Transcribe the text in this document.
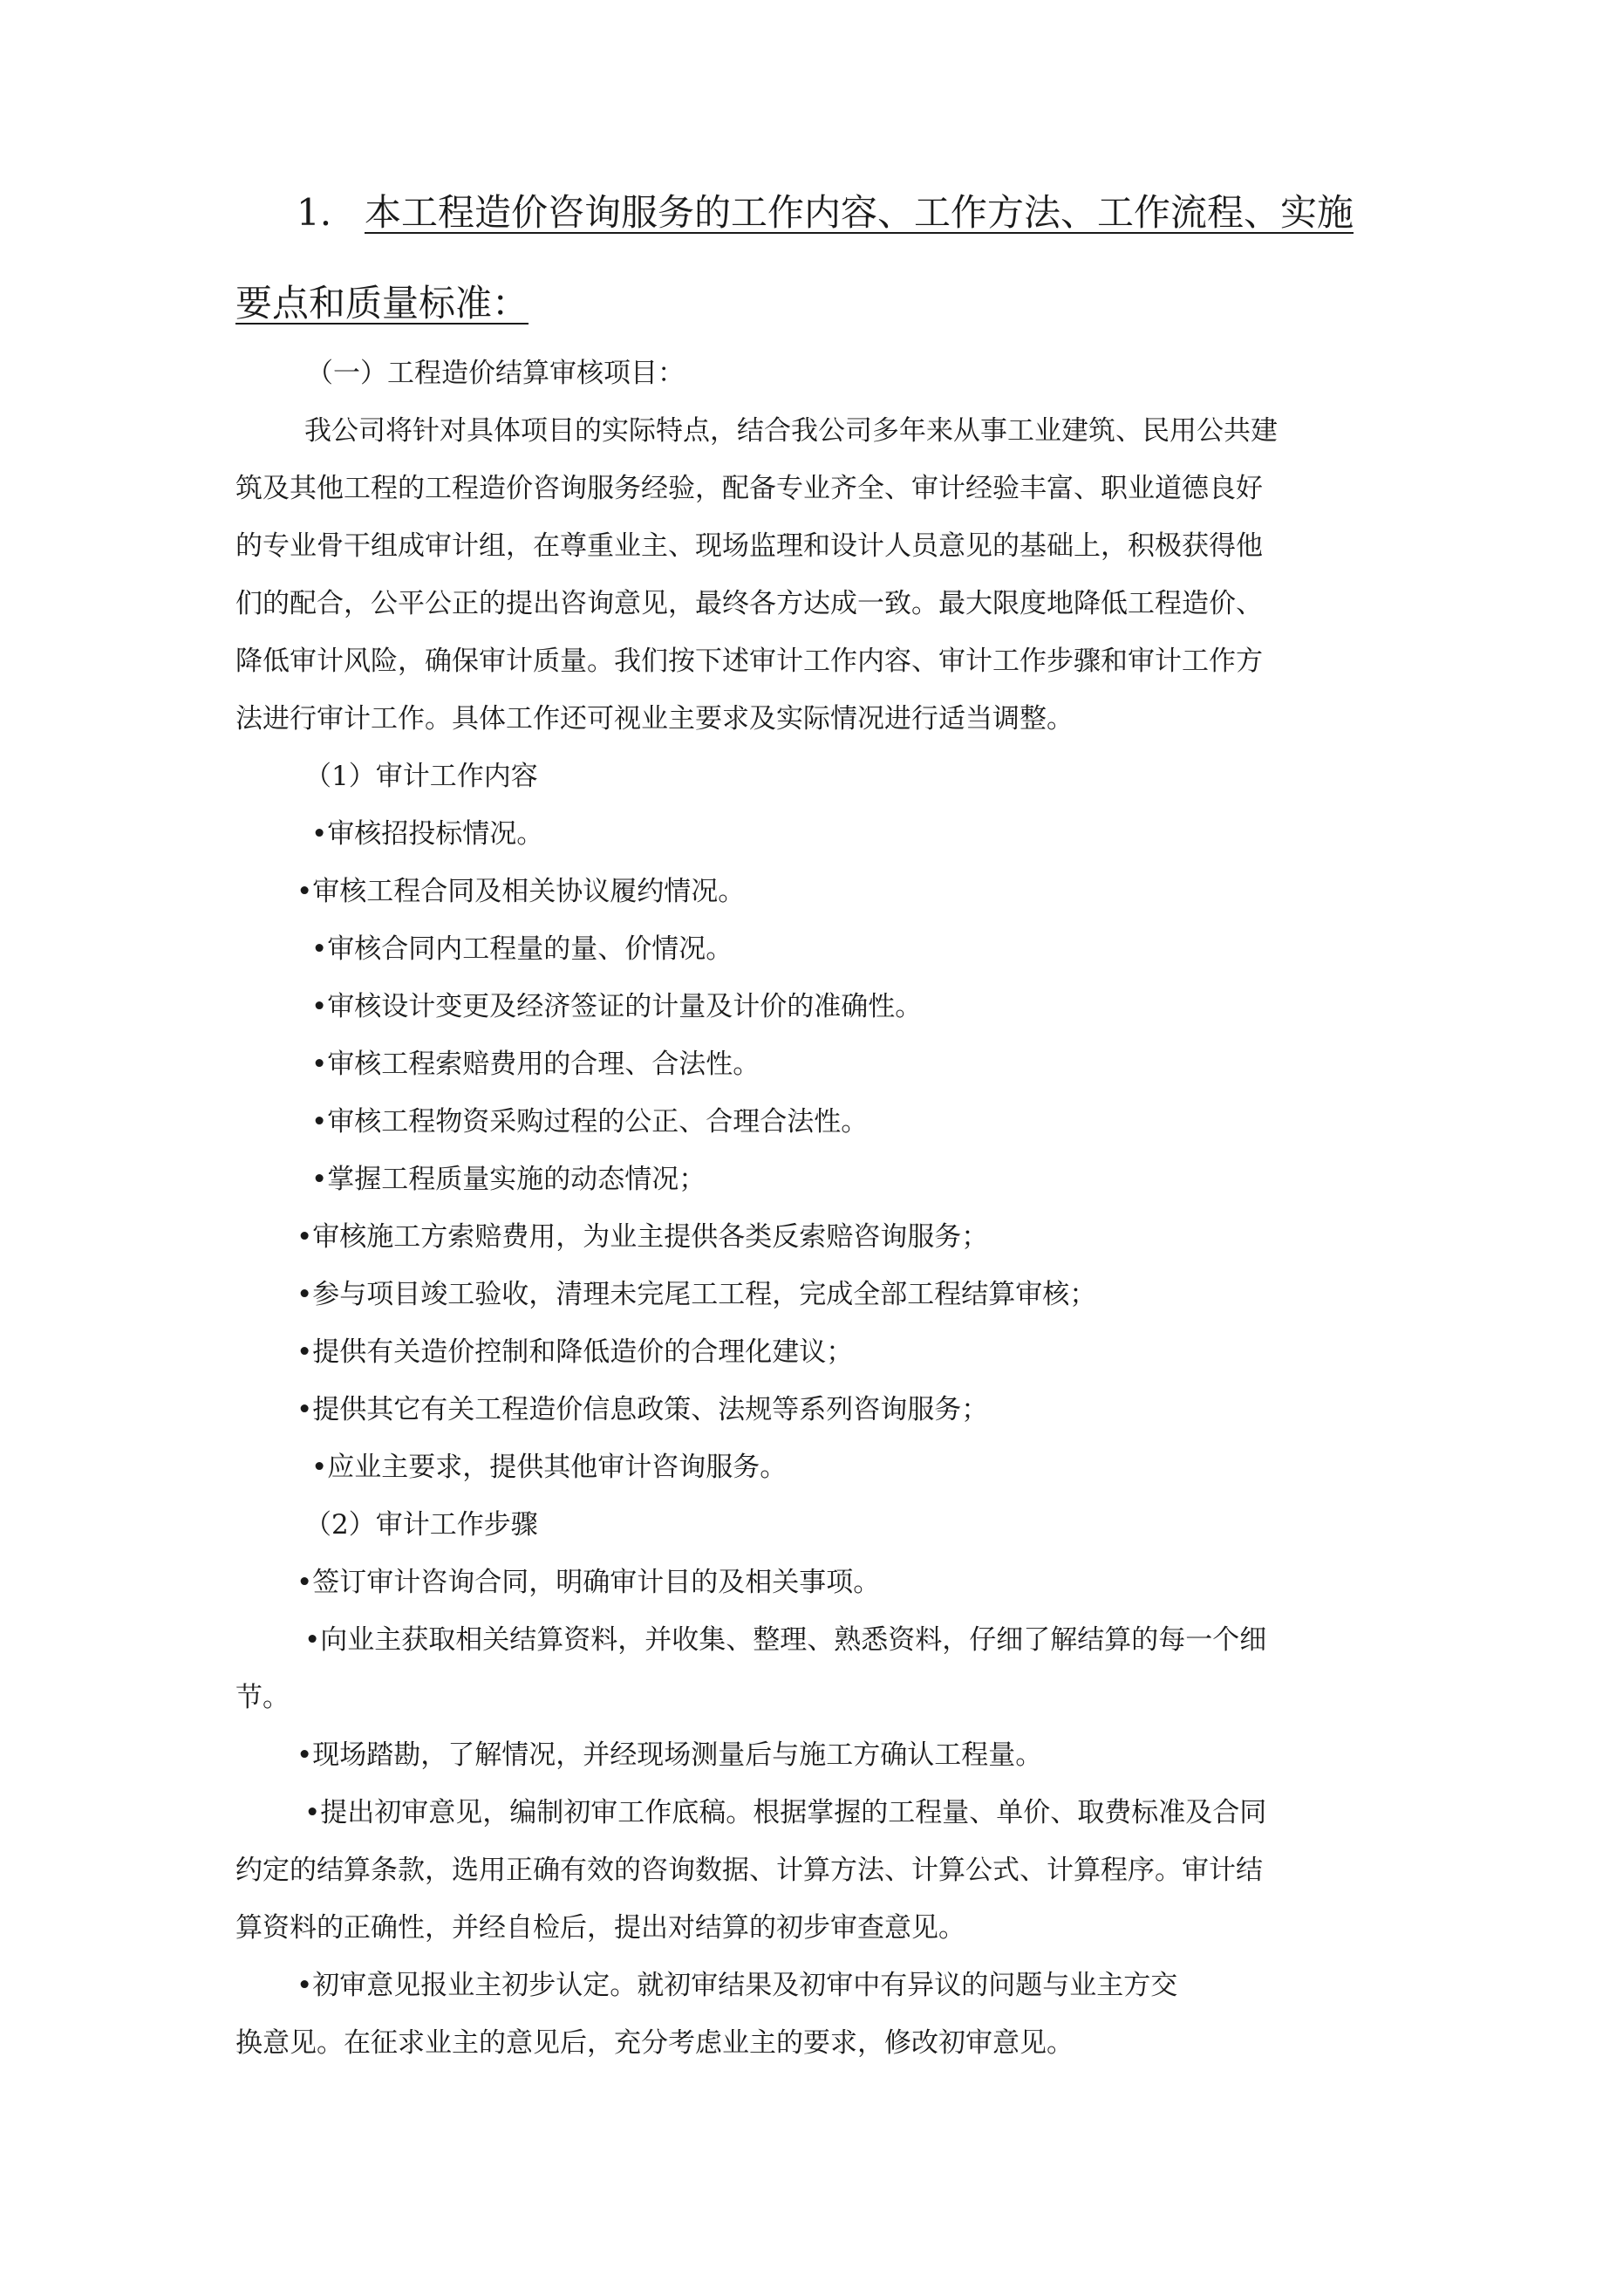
1. 本工程造价咨询服务的工作内容、工作方法、工作流程、实施
要点和质量标准：
（一）工程造价结算审核项目：
我公司将针对具体项目的实际特点，结合我公司多年来从事工业建筑、民用公共建
筑及其他工程的工程造价咨询服务经验，配备专业齐全、审计经验丰富、职业道德良好
的专业骨干组成审计组，在尊重业主、现场监理和设计人员意见的基础上，积极获得他
们的配合，公平公正的提出咨询意见，最终各方达成一致。最大限度地降低工程造价、
降低审计风险，确保审计质量。我们按下述审计工作内容、审计工作步骤和审计工作方
法进行审计工作。具体工作还可视业主要求及实际情况进行适当调整。
（1）审计工作内容
•审核招投标情况。
•审核工程合同及相关协议履约情况。
•审核合同内工程量的量、价情况。
•审核设计变更及经济签证的计量及计价的准确性。
•审核工程索赔费用的合理、合法性。
•审核工程物资采购过程的公正、合理合法性。
•掌握工程质量实施的动态情况；
•审核施工方索赔费用，为业主提供各类反索赔咨询服务；
•参与项目竣工验收，清理未完尾工工程，完成全部工程结算审核；
•提供有关造价控制和降低造价的合理化建议；
•提供其它有关工程造价信息政策、法规等系列咨询服务；
•应业主要求，提供其他审计咨询服务。
（2）审计工作步骤
•签订审计咨询合同，明确审计目的及相关事项。
•向业主获取相关结算资料，并收集、整理、熟悉资料，仔细了解结算的每一个细
节。
•现场踏勘，了解情况，并经现场测量后与施工方确认工程量。
•提出初审意见，编制初审工作底稿。根据掌握的工程量、单价、取费标准及合同
约定的结算条款，选用正确有效的咨询数据、计算方法、计算公式、计算程序。审计结
算资料的正确性，并经自检后，提出对结算的初步审查意见。
•初审意见报业主初步认定。就初审结果及初审中有异议的问题与业主方交
换意见。在征求业主的意见后，充分考虑业主的要求，修改初审意见。
